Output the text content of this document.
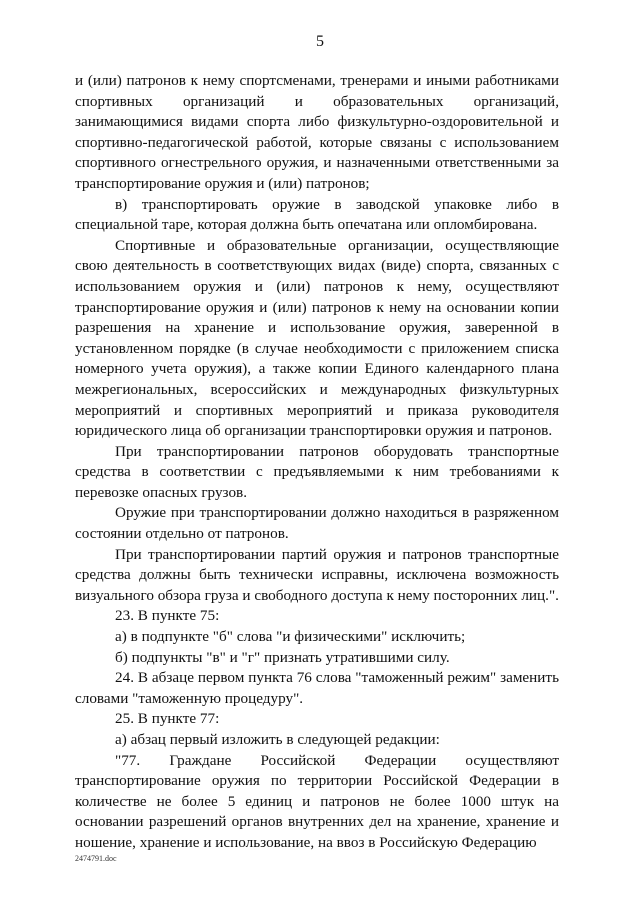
5

и (или) патронов к нему спортсменами, тренерами и иными работниками спортивных организаций и образовательных организаций, занимающимися видами спорта либо физкультурно-оздоровительной и спортивно-педагогической работой, которые связаны с использованием спортивного огнестрельного оружия, и назначенными ответственными за транспортирование оружия и (или) патронов;

в) транспортировать оружие в заводской упаковке либо в специальной таре, которая должна быть опечатана или опломбирована.

Спортивные и образовательные организации, осуществляющие свою деятельность в соответствующих видах (виде) спорта, связанных с использованием оружия и (или) патронов к нему, осуществляют транспортирование оружия и (или) патронов к нему на основании копии разрешения на хранение и использование оружия, заверенной в установленном порядке (в случае необходимости с приложением списка номерного учета оружия), а также копии Единого календарного плана межрегиональных, всероссийских и международных физкультурных мероприятий и спортивных мероприятий и приказа руководителя юридического лица об организации транспортировки оружия и патронов.

При транспортировании патронов оборудовать транспортные средства в соответствии с предъявляемыми к ним требованиями к перевозке опасных грузов.

Оружие при транспортировании должно находиться в разряженном состоянии отдельно от патронов.

При транспортировании партий оружия и патронов транспортные средства должны быть технически исправны, исключена возможность визуального обзора груза и свободного доступа к нему посторонних лиц.".

23. В пункте 75:

а) в подпункте "б" слова "и физическими" исключить;

б) подпункты "в" и "г" признать утратившими силу.

24. В абзаце первом пункта 76 слова "таможенный режим" заменить словами "таможенную процедуру".

25. В пункте 77:

а) абзац первый изложить в следующей редакции:

"77. Граждане Российской Федерации осуществляют транспортирование оружия по территории Российской Федерации в количестве не более 5 единиц и патронов не более 1000 штук на основании разрешений органов внутренних дел на хранение, хранение и ношение, хранение и использование, на ввоз в Российскую Федерацию

2474791.doc
